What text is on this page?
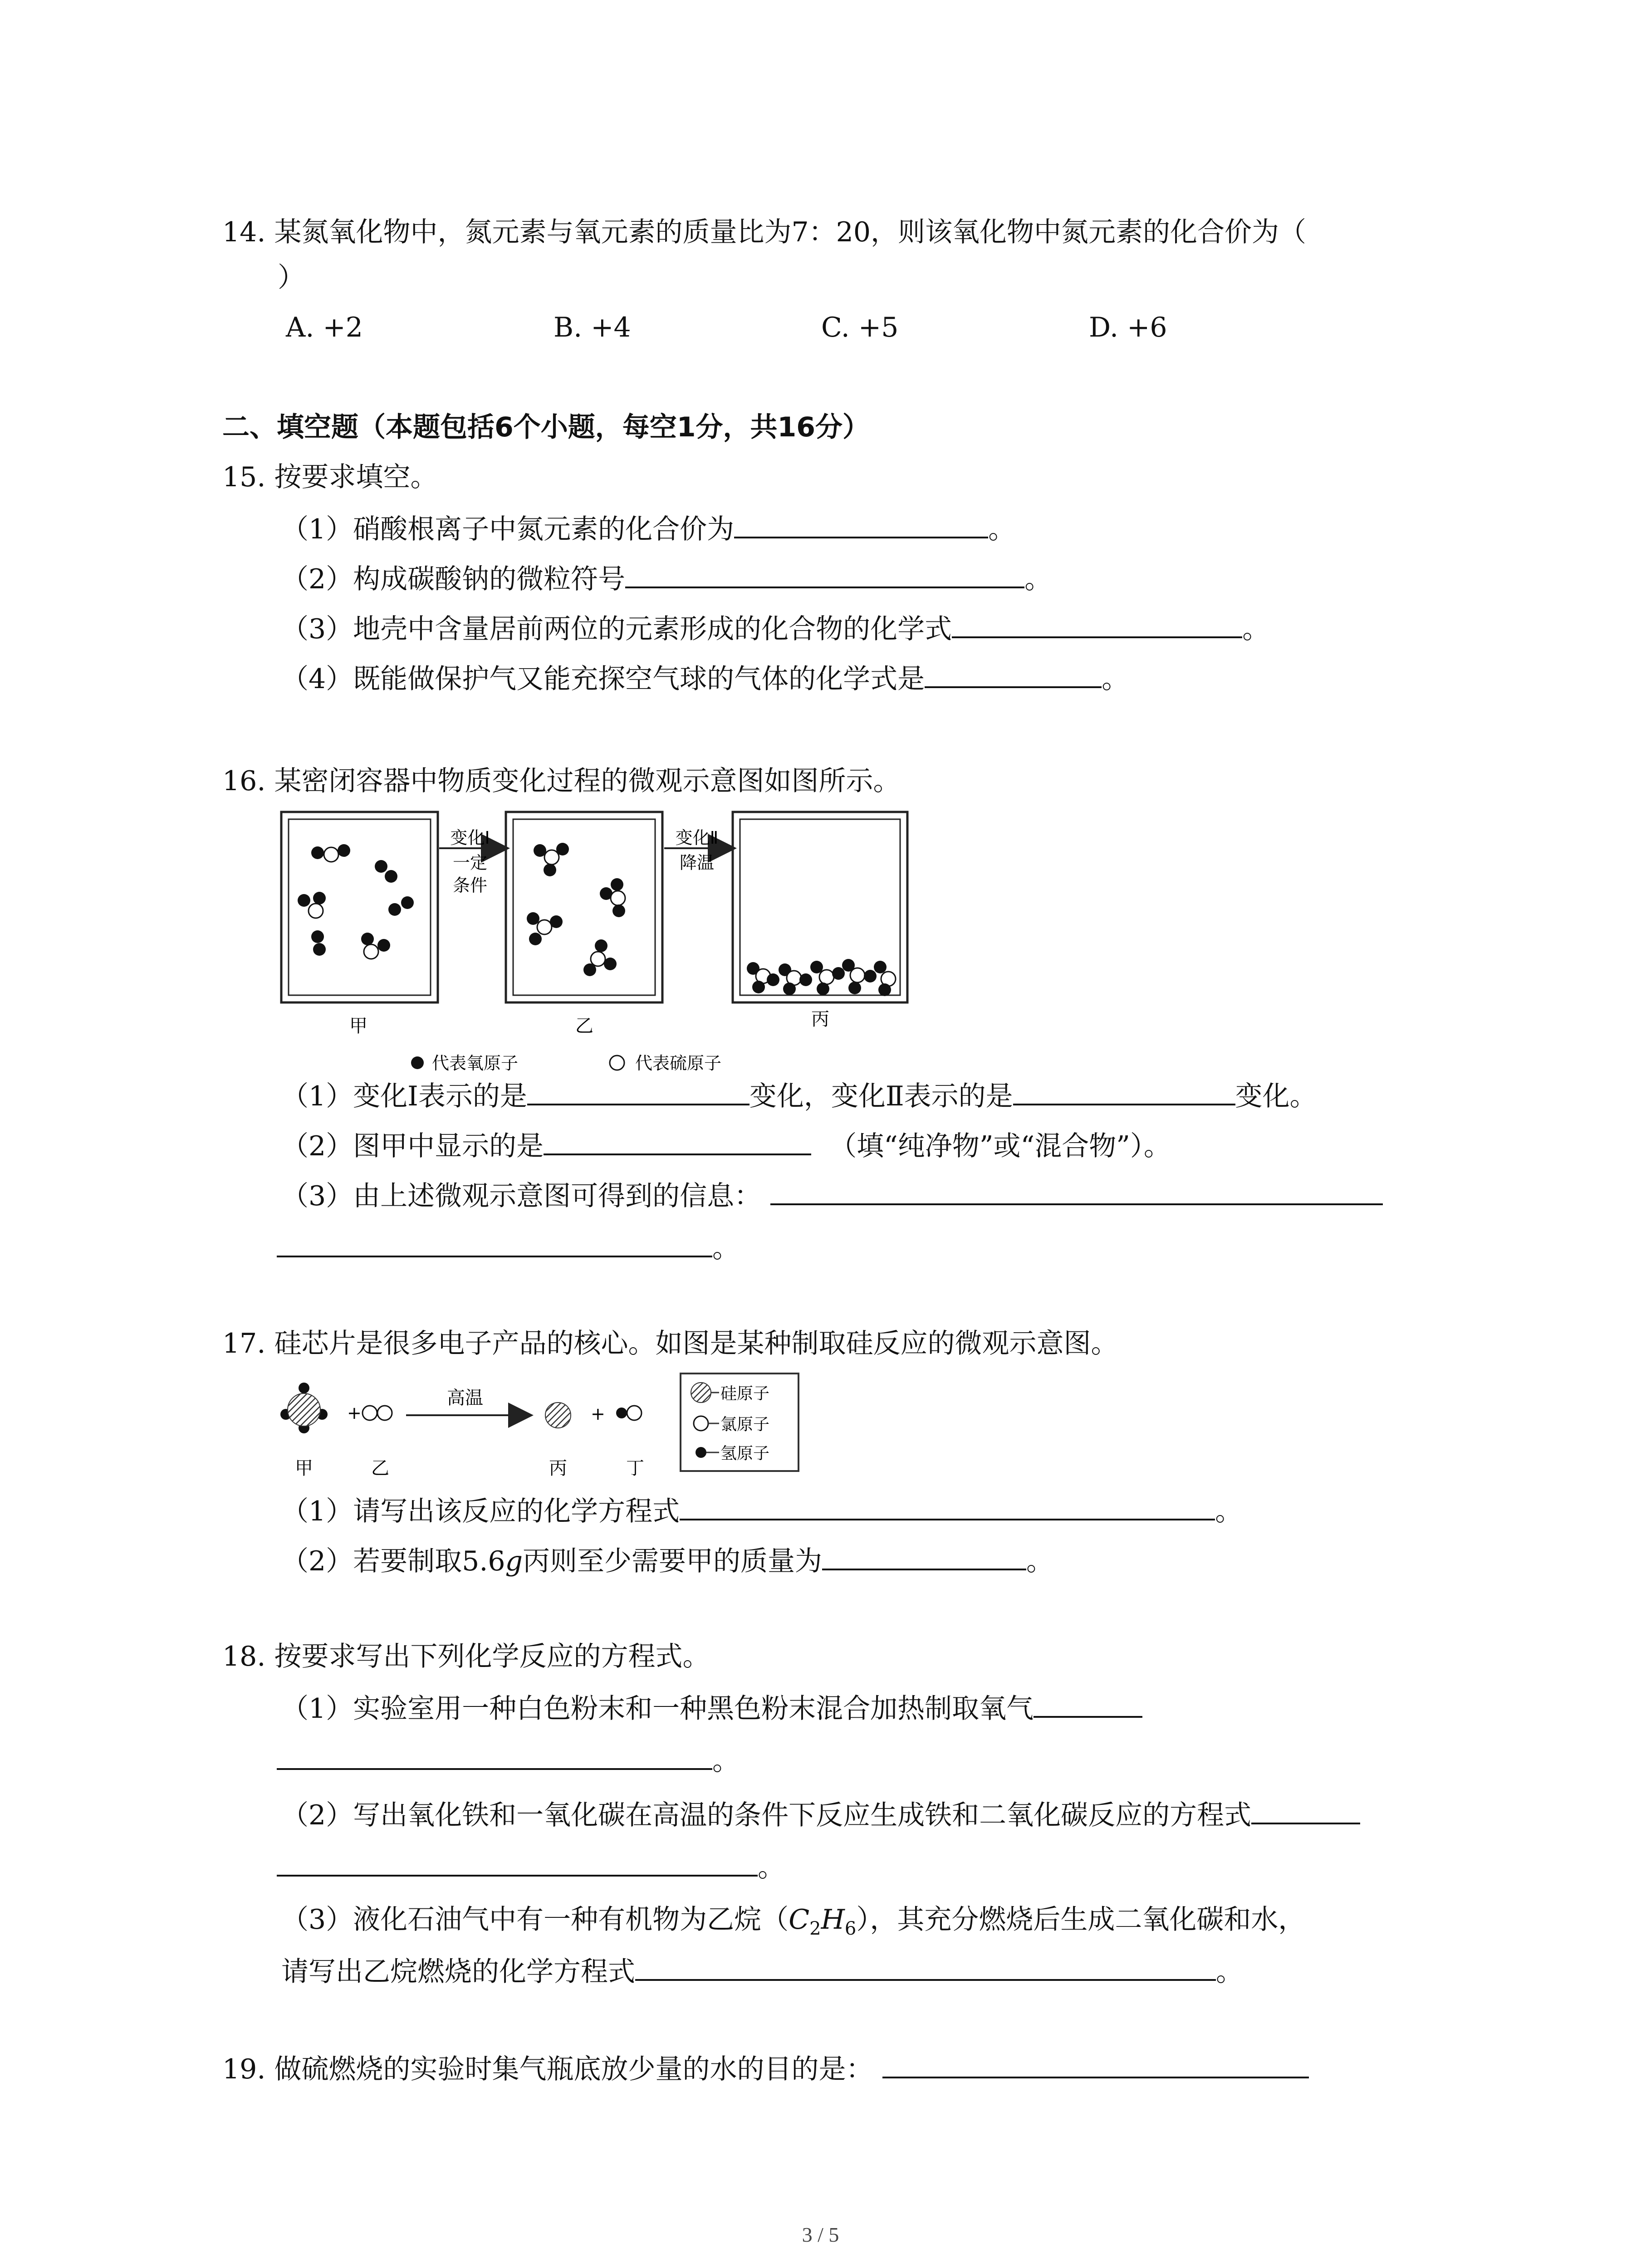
14. 某氮氧化物中，氮元素与氧元素的质量比为7：20，则该氧化物中氮元素的化合价为（
）
A. +2	B. +4	C. +5	D. +6
二、填空题（本题包括6个小题，每空1分，共16分）
15. 按要求填空。
（1）硝酸根离子中氮元素的化合价为	。
（2）构成碳酸钠的微粒符号	。
（3）地壳中含量居前两位的元素形成的化合物的化学式	。
（4）既能做保护气又能充探空气球的气体的化学式是	。
16. 某密闭容器中物质变化过程的微观示意图如图所示。
变化Ⅰ
一定
条件
变化Ⅱ
降温
甲	乙	丙
代表氧原子	代表硫原子
（1）变化Ⅰ表示的是	变化，变化Ⅱ表示的是	变化。
（2）图甲中显示的是	（填“纯净物”或“混合物”）。
（3）由上述微观示意图可得到的信息：
。
17. 硅芯片是很多电子产品的核心。如图是某种制取硅反应的微观示意图。
+
高温
+
甲	乙	丙	丁
硅原子
氯原子
氢原子
（1）请写出该反应的化学方程式	。
（2）若要制取5.6g丙则至少需要甲的质量为	。
18. 按要求写出下列化学反应的方程式。
（1）实验室用一种白色粉末和一种黑色粉末混合加热制取氧气
。
（2）写出氧化铁和一氧化碳在高温的条件下反应生成铁和二氧化碳反应的方程式
。
（3）液化石油气中有一种有机物为乙烷$(C_2H_6)$，其充分燃烧后生成二氧化碳和水，
请写出乙烷燃烧的化学方程式	。
19. 做硫燃烧的实验时集气瓶底放少量的水的目的是：
3 / 5
